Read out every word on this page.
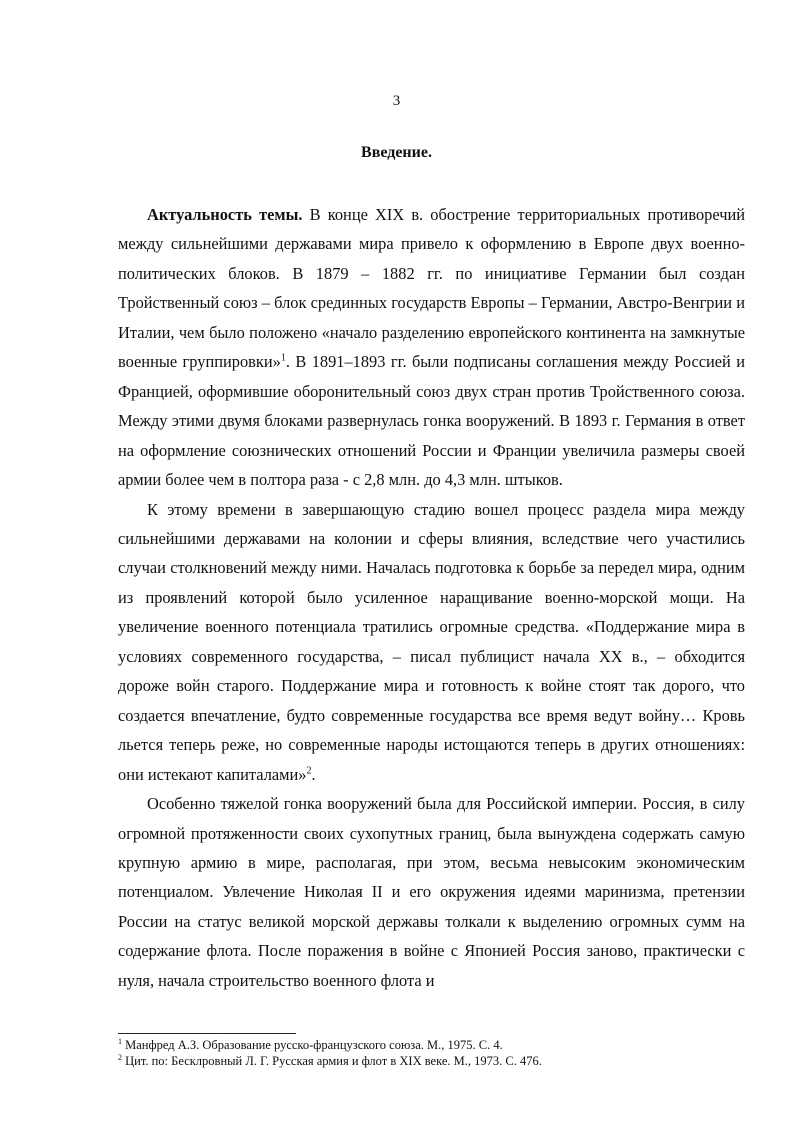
3
Введение.

Актуальность темы. В конце XIX в. обострение территориальных противоречий между сильнейшими державами мира привело к оформлению в Европе двух военно-политических блоков. В 1879 – 1882 гг. по инициативе Германии был создан Тройственный союз – блок срединных государств Европы – Германии, Австро-Венгрии и Италии, чем было положено «начало разделению европейского континента на замкнутые военные группировки»$^1$. В 1891–1893 гг. были подписаны соглашения между Россией и Францией, оформившие оборонительный союз двух стран против Тройственного союза. Между этими двумя блоками развернулась гонка вооружений. В 1893 г. Германия в ответ на оформление союзнических отношений России и Франции увеличила размеры своей армии более чем в полтора раза - с 2,8 млн. до 4,3 млн. штыков.

К этому времени в завершающую стадию вошел процесс раздела мира между сильнейшими державами на колонии и сферы влияния, вследствие чего участились случаи столкновений между ними. Началась подготовка к борьбе за передел мира, одним из проявлений которой было усиленное наращивание военно-морской мощи. На увеличение военного потенциала тратились огромные средства. «Поддержание мира в условиях современного государства, – писал публицист начала XX в., – обходится дороже войн старого. Поддержание мира и готовность к войне стоят так дорого, что создается впечатление, будто современные государства все время ведут войну… Кровь льется теперь реже, но современные народы истощаются теперь в других отношениях: они истекают капиталами»$^2$.

Особенно тяжелой гонка вооружений была для Российской империи. Россия, в силу огромной протяженности своих сухопутных границ, была вынуждена содержать самую крупную армию в мире, располагая, при этом, весьма невысоким экономическим потенциалом. Увлечение Николая II и его окружения идеями маринизма, претензии России на статус великой морской державы толкали к выделению огромных сумм на содержание флота. После поражения в войне с Японией Россия заново, практически с нуля, начала строительство военного флота и

$^1$ Манфред А.З. Образование русско-французского союза. М., 1975. С. 4.

$^2$ Цит. по: Бесклровный Л. Г. Русская армия и флот в XIX веке. М., 1973. С. 476.
